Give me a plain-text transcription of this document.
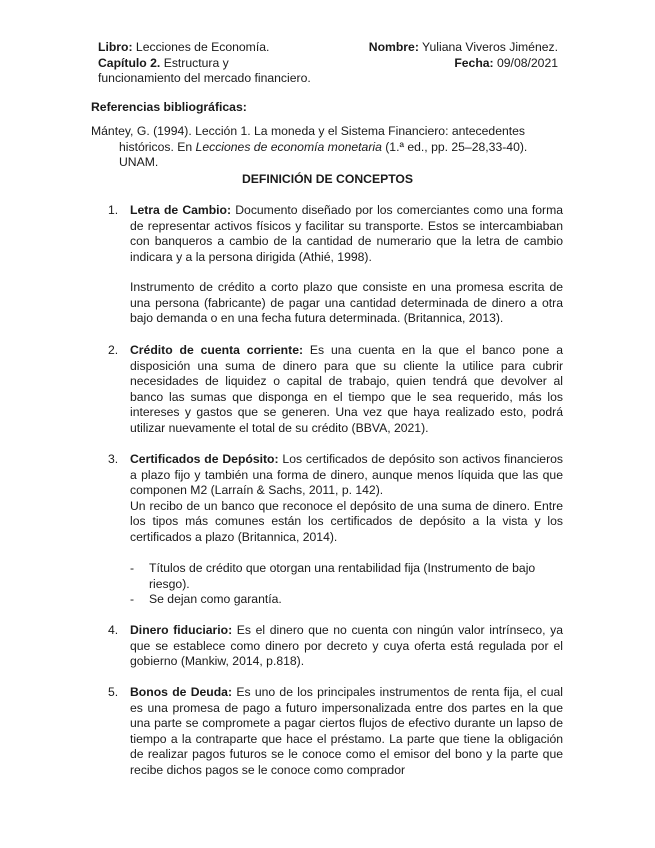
Libro: Lecciones de Economía.
Capítulo 2. Estructura y
funcionamiento del mercado financiero.
Nombre: Yuliana Viveros Jiménez.
Fecha: 09/08/2021
Referencias bibliográficas:
Mántey, G. (1994). Lección 1. La moneda y el Sistema Financiero: antecedentes
históricos. En Lecciones de economía monetaria (1.ª ed., pp. 25–28,33-40).
UNAM.
DEFINICIÓN DE CONCEPTOS
1. Letra de Cambio: Documento diseñado por los comerciantes como una forma de representar activos físicos y facilitar su transporte. Estos se intercambiaban con banqueros a cambio de la cantidad de numerario que la letra de cambio indicara y a la persona dirigida (Athié, 1998).

Instrumento de crédito a corto plazo que consiste en una promesa escrita de una persona (fabricante) de pagar una cantidad determinada de dinero a otra bajo demanda o en una fecha futura determinada. (Britannica, 2013).

2. Crédito de cuenta corriente: Es una cuenta en la que el banco pone a disposición una suma de dinero para que su cliente la utilice para cubrir necesidades de liquidez o capital de trabajo, quien tendrá que devolver al banco las sumas que disponga en el tiempo que le sea requerido, más los intereses y gastos que se generen. Una vez que haya realizado esto, podrá utilizar nuevamente el total de su crédito (BBVA, 2021).

3. Certificados de Depósito: Los certificados de depósito son activos financieros a plazo fijo y también una forma de dinero, aunque menos líquida que las que componen M2 (Larraín & Sachs, 2011, p. 142).

Un recibo de un banco que reconoce el depósito de una suma de dinero. Entre los tipos más comunes están los certificados de depósito a la vista y los certificados a plazo (Britannica, 2014).

- Títulos de crédito que otorgan una rentabilidad fija (Instrumento de bajo riesgo).
- Se dejan como garantía.
4. Dinero fiduciario: Es el dinero que no cuenta con ningún valor intrínseco, ya que se establece como dinero por decreto y cuya oferta está regulada por el gobierno (Mankiw, 2014, p.818).

5. Bonos de Deuda: Es uno de los principales instrumentos de renta fija, el cual es una promesa de pago a futuro impersonalizada entre dos partes en la que una parte se compromete a pagar ciertos flujos de efectivo durante un lapso de tiempo a la contraparte que hace el préstamo. La parte que tiene la obligación de realizar pagos futuros se le conoce como el emisor del bono y la parte que recibe dichos pagos se le conoce como comprador
